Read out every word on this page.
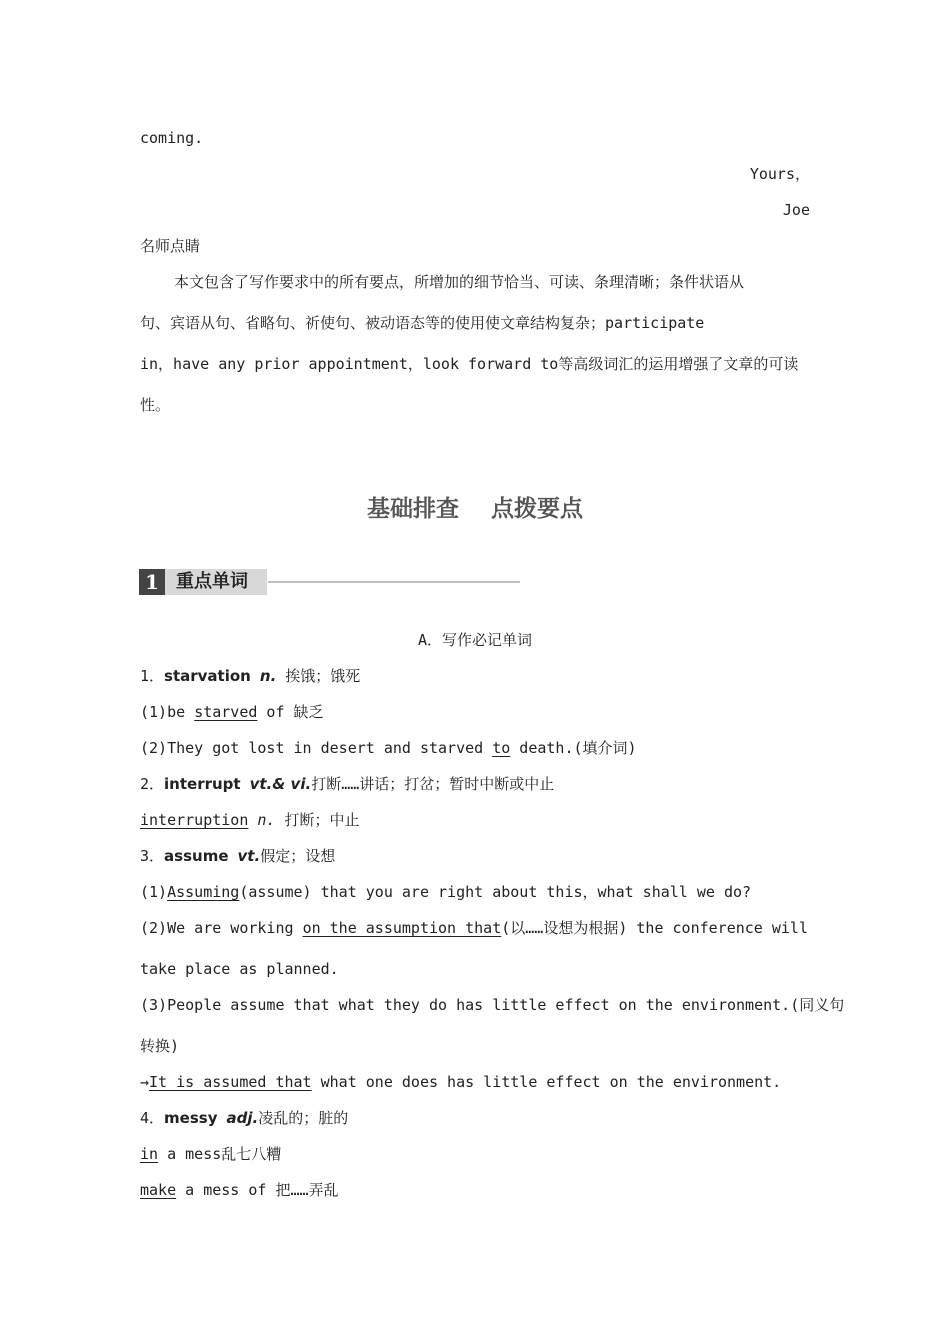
coming.
Yours，
Joe
名师点睛
本文包含了写作要求中的所有要点，所增加的细节恰当、可读、条理清晰；条件状语从
句、宾语从句、省略句、祈使句、被动语态等的使用使文章结构复杂；participate
in，have any prior appointment，look forward to等高级词汇的运用增强了文章的可读
性。
基础排查 点拨要点
1 重点单词
A．写作必记单词
1．starvation n. 挨饿；饿死
(1)be starved of 缺乏
(2)They got lost in desert and starved to death.(填介词)
2．interrupt vt.& vi.打断……讲话；打岔；暂时中断或中止
interruption n. 打断；中止
3．assume vt.假定；设想
(1)Assuming(assume) that you are right about this，what shall we do?
(2)We are working on the assumption that(以……设想为根据) the conference will
take place as planned.
(3)People assume that what they do has little effect on the environment.(同义句
转换)
→It is assumed that what one does has little effect on the environment.
4．messy adj.凌乱的；脏的
in a mess乱七八糟
make a mess of 把……弄乱
